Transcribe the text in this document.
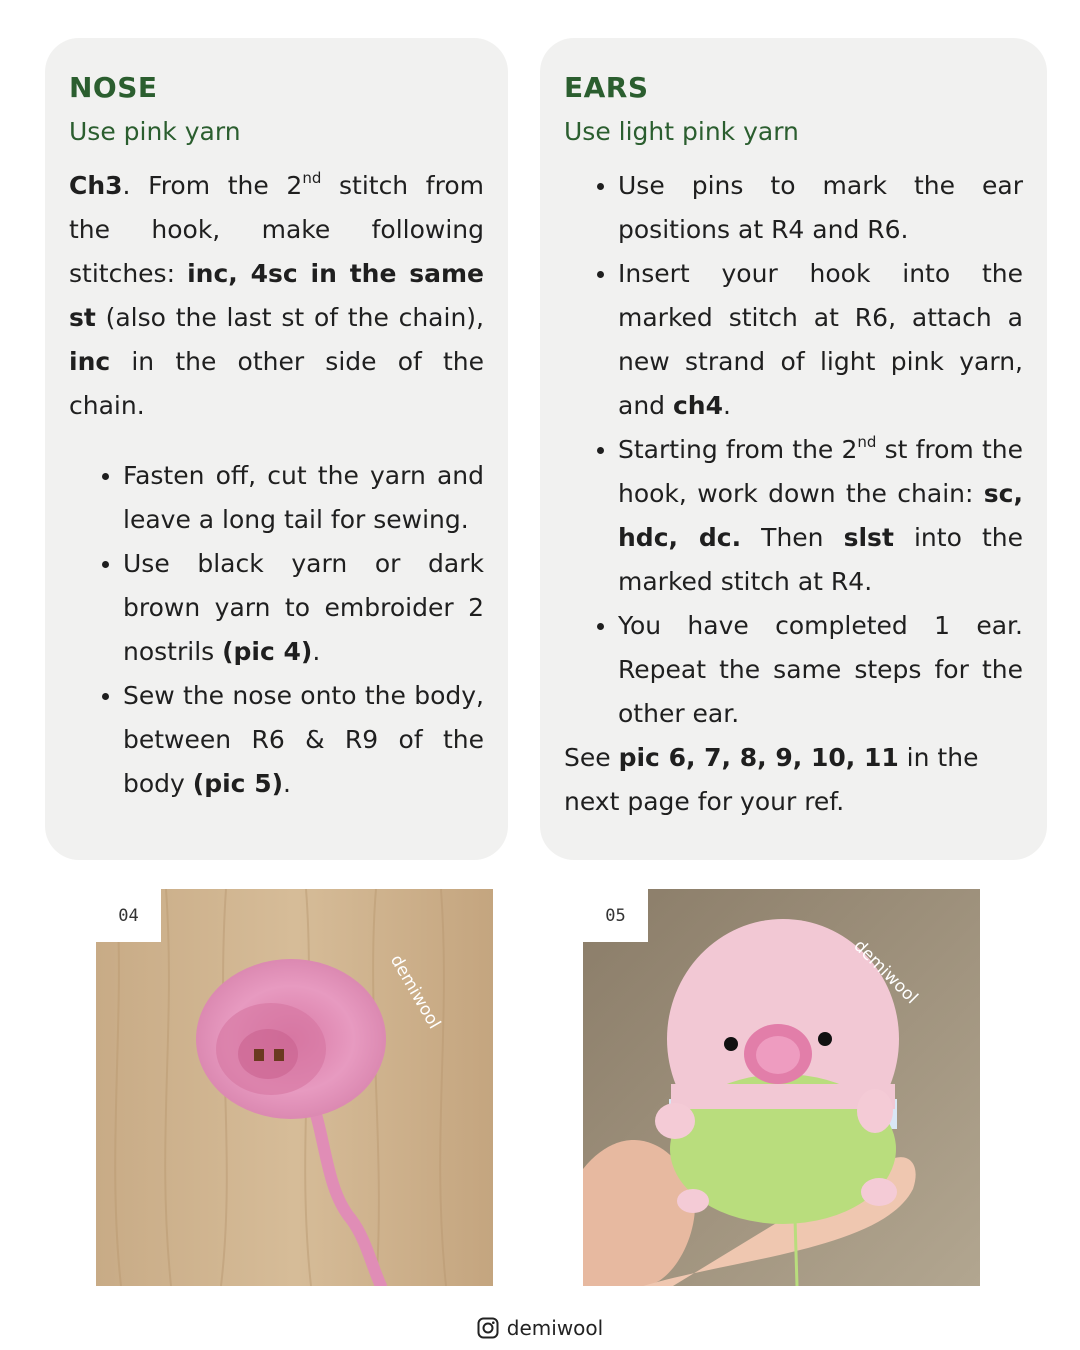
NOSE

Use pink yarn

Ch3. From the 2nd stitch from the hook, make following stitches: inc, 4sc in the same st (also the last st of the chain), inc in the other side of the chain.
Fasten off, cut the yarn and leave a long tail for sewing.
Use black yarn or dark brown yarn to embroider 2 nostrils (pic 4).
Sew the nose onto the body, between R6 & R9 of the body (pic 5).
EARS

Use light pink yarn

Use pins to mark the ear positions at R4 and R6.
Insert your hook into the marked stitch at R6, attach a new strand of light pink yarn, and ch4.
Starting from the 2nd st from the hook, work down the chain: sc, hdc, dc. Then slst into the marked stitch at R4.
You have completed 1 ear. Repeat the same steps for the other ear.
See pic 6, 7, 8, 9, 10, 11 in the next page for your ref.
demiwool
04
demiwool
05
demiwool
